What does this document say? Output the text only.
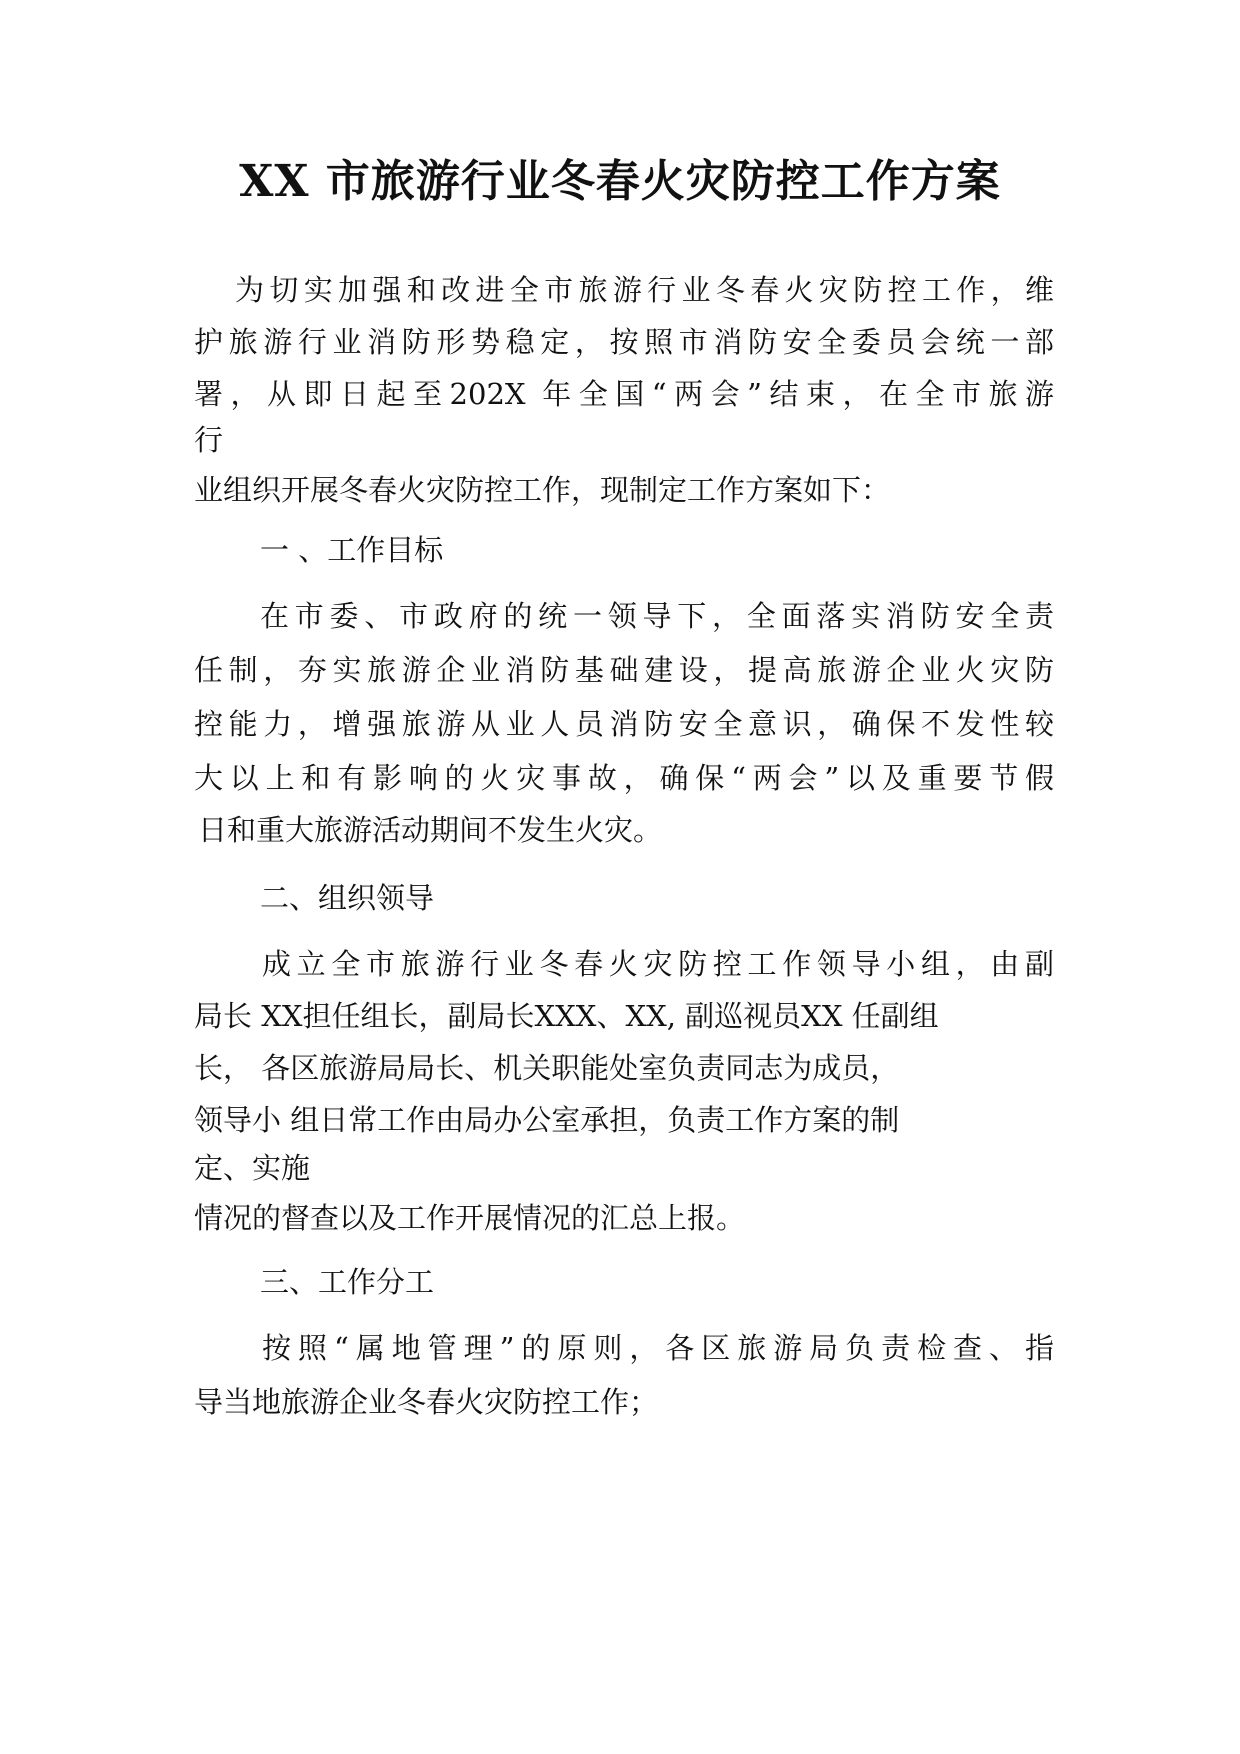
XX 市旅游行业冬春火灾防控工作方案
为切实加强和改进全市旅游行业冬春火灾防控工作，维
护旅游行业消防形势稳定，按照市消防安全委员会统一部
署，从即日起至202X 年全国“两会”结束，在全市旅游
行
业组织开展冬春火灾防控工作，现制定工作方案如下：
一 、工作目标
在市委、市政府的统一领导下，全面落实消防安全责
任制，夯实旅游企业消防基础建设，提高旅游企业火灾防
控能力，增强旅游从业人员消防安全意识，确保不发性较
大以上和有影响的火灾事故，确保“两会”以及重要节假
日和重大旅游活动期间不发生火灾。
二、组织领导
成立全市旅游行业冬春火灾防控工作领导小组，由副
局长 XX担任组长，副局长XXX、XX, 副巡视员XX 任副组
长， 各区旅游局局长、机关职能处室负责同志为成员，
领导小 组日常工作由局办公室承担，负责工作方案的制
定、实施
情况的督查以及工作开展情况的汇总上报。
三、工作分工
按照“属地管理”的原则，各区旅游局负责检查、指
导当地旅游企业冬春火灾防控工作；
